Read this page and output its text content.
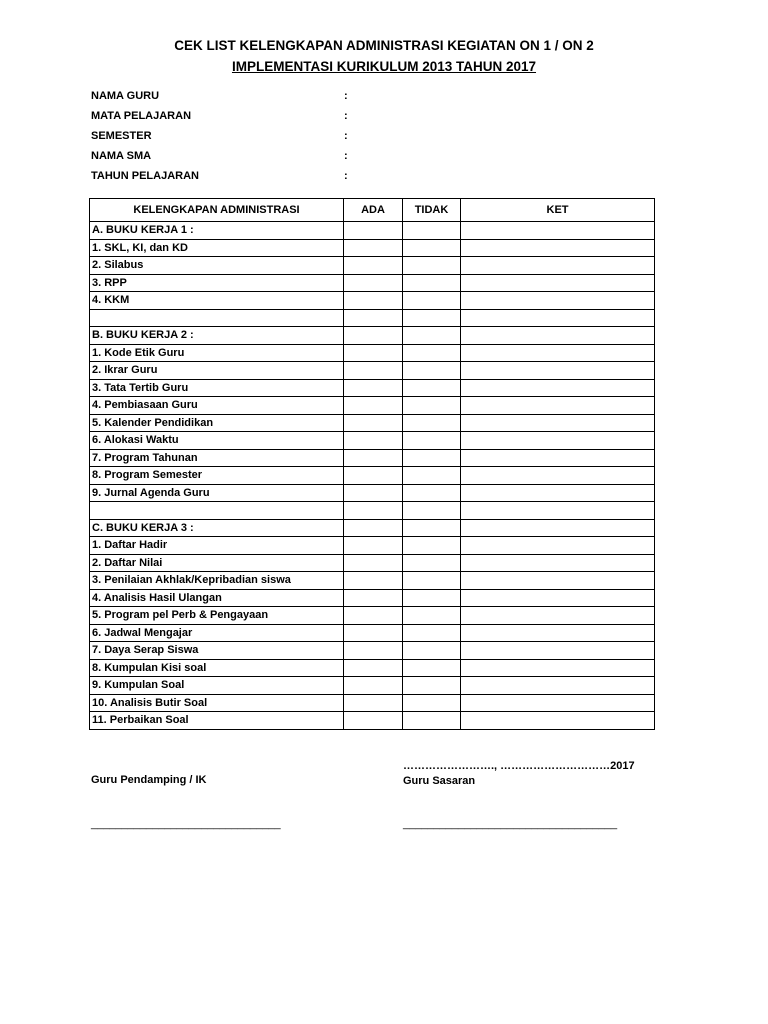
CEK LIST KELENGKAPAN ADMINISTRASI KEGIATAN ON 1 / ON 2
IMPLEMENTASI KURIKULUM 2013 TAHUN 2017
NAMA GURU	:
MATA PELAJARAN	:
SEMESTER	:
NAMA SMA	:
TAHUN PELAJARAN	:
KELENGKAPAN ADMINISTRASI	ADA	TIDAK	KET
A. BUKU KERJA 1 :			
1. SKL, KI, dan KD			
2. Silabus			
3. RPP			
4. KKM			

B. BUKU KERJA 2 :			
1. Kode Etik Guru			
2. Ikrar Guru			
3. Tata Tertib Guru			
4. Pembiasaan Guru			
5. Kalender Pendidikan			
6. Alokasi Waktu			
7. Program Tahunan			
8. Program Semester			
9. Jurnal Agenda Guru			

C. BUKU KERJA 3 :			
1. Daftar Hadir			
2. Daftar Nilai			
3. Penilaian Akhlak/Kepribadian siswa			
4. Analisis Hasil Ulangan			
5. Program pel Perb & Pengayaan			
6. Jadwal Mengajar			
7. Daya Serap Siswa			
8. Kumpulan Kisi soal			
9. Kumpulan Soal			
10. Analisis Butir Soal			
11. Perbaikan Soal			
……………………., …………………………2017
Guru Pendamping / IK	Guru Sasaran
_______________________________	___________________________________
